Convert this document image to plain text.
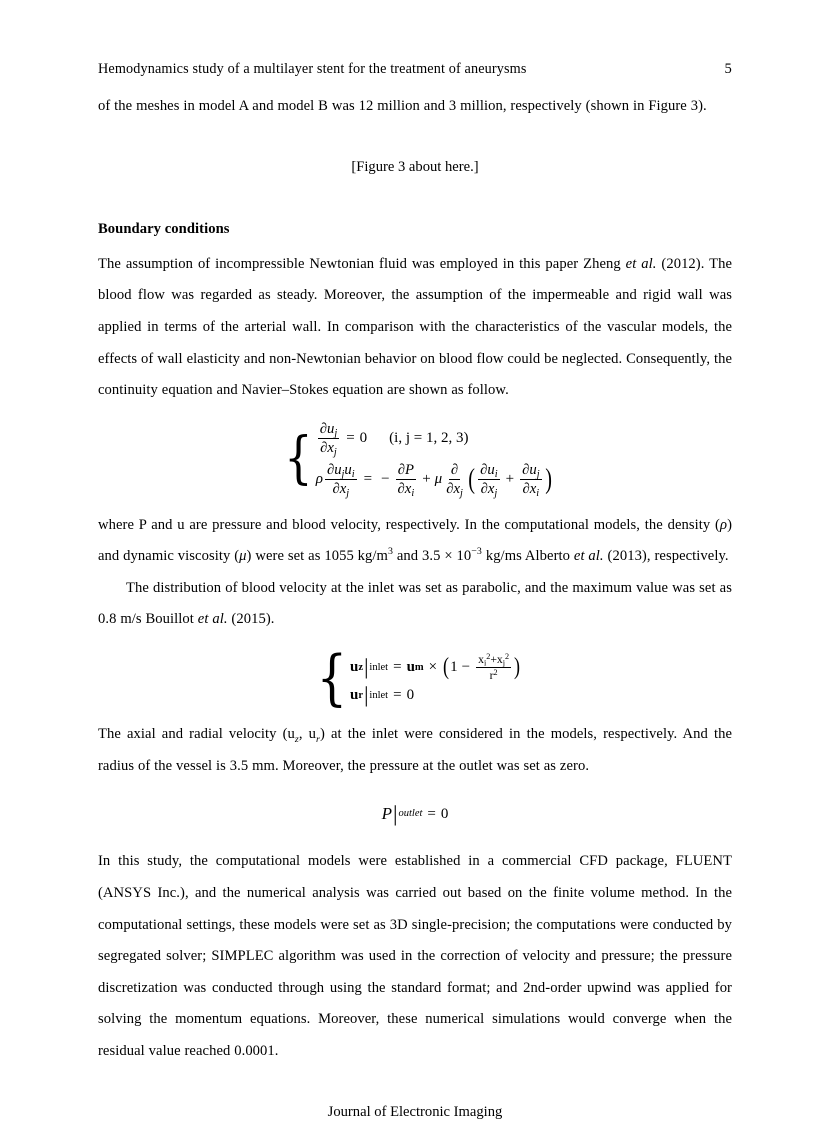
Hemodynamics study of a multilayer stent for the treatment of aneurysms	5

of the meshes in model A and model B was 12 million and 3 million, respectively (shown in Figure 3).

[Figure 3 about here.]
Boundary conditions

The assumption of incompressible Newtonian fluid was employed in this paper Zheng et al. (2012). The blood flow was regarded as steady. Moreover, the assumption of the impermeable and rigid wall was applied in terms of the arterial wall. In comparison with the characteristics of the vascular models, the effects of wall elasticity and non-Newtonian behavior on blood flow could be neglected. Consequently, the continuity equation and Navier–Stokes equation are shown as follow.

{ $\frac{\partial uj}{\partial xj} = 0$ (i, j = 1, 2, 3)
ρ $\frac{\text{∂ujui}}{\partial xj}$ = − $\frac{\partial P}{\partial xi} + \mu \frac{\partial}{\partial xj}$ ( $\frac{\partial ui}{\partial xj} + \frac{\partial uj}{\partial xi}$ )

where P and u are pressure and blood velocity, respectively. In the computational models, the density (ρ) and dynamic viscosity (μ) were set as 1055 $kg/m^3$ and $3.5 \times 10^{-3}$ kg/ms Alberto et al. (2013), respectively.

The distribution of blood velocity at the inlet was set as parabolic, and the maximum value was set as 0.8 m/s Bouillot et al. (2015).

{ u z | inlet = u m × ( $1 - \frac{xi^2+xj^2}{r^2}$ )
u r | inlet = 0

The axial and radial velocity ($u_z$, $u_r$) at the inlet were considered in the models, respectively. And the radius of the vessel is 3.5 mm. Moreover, the pressure at the outlet was set as zero.

P | outlet = 0

In this study, the computational models were established in a commercial CFD package, FLUENT (ANSYS Inc.), and the numerical analysis was carried out based on the finite volume method. In the computational settings, these models were set as 3D single-precision; the computations were conducted by segregated solver; SIMPLEC algorithm was used in the correction of velocity and pressure; the pressure discretization was conducted through using the standard format; and 2nd-order upwind was applied for solving the momentum equations. Moreover, these numerical simulations would converge when the residual value reached 0.0001.

Journal of Electronic Imaging
